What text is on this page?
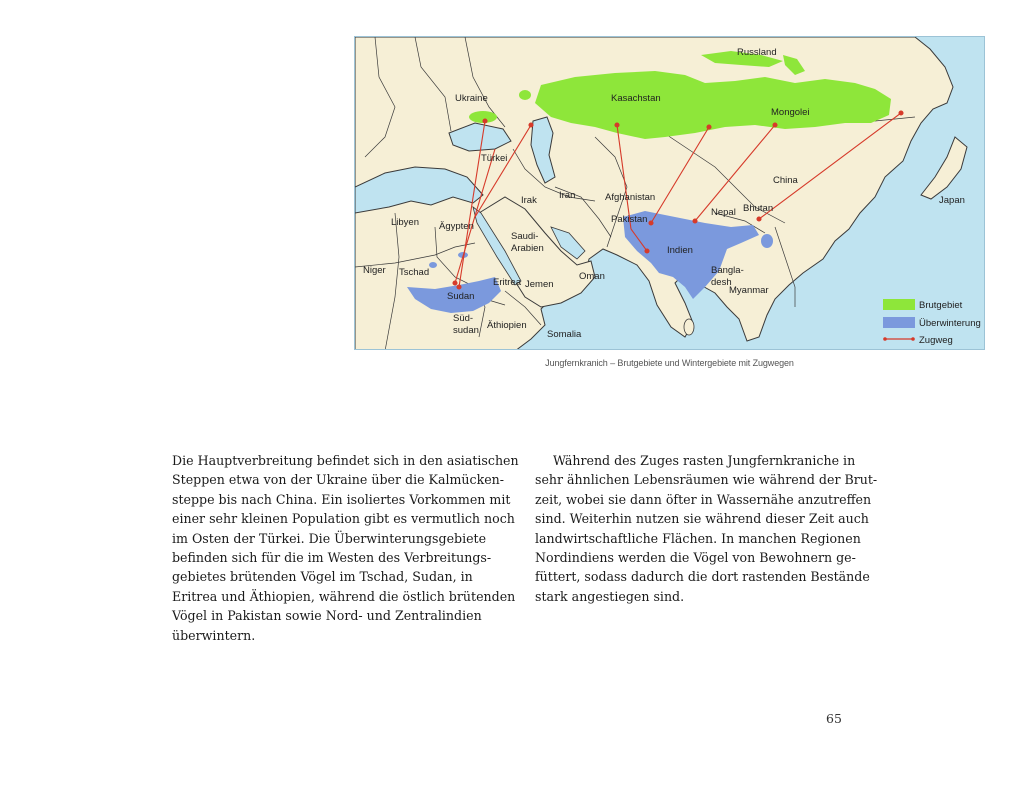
Russland
Ukraine	Kasachstan
Mongolei
Türkei
China
Iran	Afghanistan
Irak
Libyen Ägypten
Pakistan
Nepal Bhutan
Japan
Saudi-
Arabien	Indien
Niger Tschad	Bangla-
desh
Oman
Eritrea Jemen
Myanmar
Sudan
Süd-
sudan Äthiopien
Somalia
Brutgebiet
Überwinterung
Zugweg
Jungfernkranich – Brutgebiete und Wintergebiete mit Zugwegen
Die Hauptverbreitung befindet sich in den asiatischen
Steppen etwa von der Ukraine über die Kalmücken-
steppe bis nach China. Ein isoliertes Vorkommen mit
einer sehr kleinen Population gibt es vermutlich noch
im Osten der Türkei. Die Überwinterungsgebiete
befinden sich für die im Westen des Verbreitungs-
gebietes brütenden Vögel im Tschad, Sudan, in
Eritrea und Äthiopien, während die östlich brütenden
Vögel in Pakistan sowie Nord- und Zentralindien
überwintern.
Während des Zuges rasten Jungfernkraniche in
sehr ähnlichen Lebensräumen wie während der Brut-
zeit, wobei sie dann öfter in Wassernähe anzutreffen
sind. Weiterhin nutzen sie während dieser Zeit auch
landwirtschaftliche Flächen. In manchen Regionen
Nordindiens werden die Vögel von Bewohnern ge-
füttert, sodass dadurch die dort rastenden Bestände
stark angestiegen sind.
65
